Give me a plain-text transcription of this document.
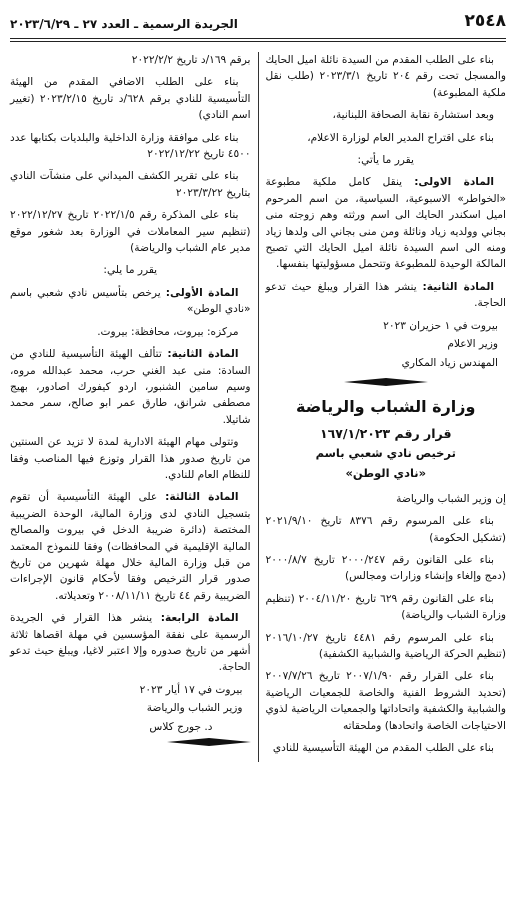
٢٥٤٨
الجريدة الرسمية ـ العدد ٢٧ ـ ٢٠٢٣/٦/٢٩

بناء على الطلب المقدم من السيدة نائلة اميل الحايك والمسجل تحت رقم ٢٠٤ تاريخ ٢٠٢٣/٣/١ (طلب نقل ملكية المطبوعة)

وبعد استشارة نقابة الصحافة اللبنانية،

بناء على اقتراح المدير العام لوزارة الاعلام،

يقرر ما يأتي:

المادة الاولى: ينقل كامل ملكية مطبوعة «الخواطر» الاسبوعية، السياسية، من اسم المرحوم اميل اسكندر الحايك الى اسم ورثته وهم زوجته منى بجاني وولديه زياد ونائلة ومن منى بجاني الى ولدها زياد ومنه الى اسم السيدة نائلة اميل الحايك التي تصبح المالكة الوحيدة للمطبوعة وتتحمل مسؤوليتها بنفسها.

المادة الثانية: ينشر هذا القرار ويبلغ حيث تدعو الحاجة.

بيروت في ١ حزيران ٢٠٢٣

وزير الاعلام

المهندس زياد المكاري

وزارة الشباب والرياضة
قرار رقم ١٦٧/١/٢٠٢٣
ترخيص نادي شعبي باسم
«نادي الوطن»

إن وزير الشباب والرياضة

بناء على المرسوم رقم ٨٣٧٦ تاريخ ٢٠٢١/٩/١٠ (تشكيل الحكومة)

بناء على القانون رقم ٢٠٠٠/٢٤٧ تاريخ ٢٠٠٠/٨/٧ (دمج وإلغاء وإنشاء وزارات ومجالس)

بناء على القانون رقم ٦٢٩ تاريخ ٢٠٠٤/١١/٢٠ (تنظيم وزارة الشباب والرياضة)

بناء على المرسوم رقم ٤٤٨١ تاريخ ٢٠١٦/١٠/٢٧ (تنظيم الحركة الرياضية والشبابية الكشفية)

بناء على القرار رقم ٢٠٠٧/١/٩٠ تاريخ ٢٠٠٧/٧/٢٦ (تحديد الشروط الفنية والخاصة للجمعيات الرياضية والشبابية والكشفية واتحاداتها والجمعيات الرياضية لذوي الاحتياجات الخاصة واتحادها) وملحقاته

بناء على الطلب المقدم من الهيئة التأسيسية للنادي

برقم ١٦٩/د تاريخ ٢٠٢٢/٢/٢

بناء على الطلب الاضافي المقدم من الهيئة التأسيسية للنادي برقم ٦٢٨/د تاريخ ٢٠٢٣/٢/١٥ (تغيير اسم النادي)

بناء على موافقة وزارة الداخلية والبلديات بكتابها عدد ٤٥٠٠ تاريخ ٢٠٢٢/١٢/٢٢

بناء على تقرير الكشف الميداني على منشآت النادي بتاريخ ٢٠٢٣/٣/٢٢

بناء على المذكرة رقم ٢٠٢٢/١/٥ تاريخ ٢٠٢٢/١٢/٢٧ (تنظيم سير المعاملات في الوزارة بعد شغور موقع مدير عام الشباب والرياضة)

يقرر ما يلي:

المادة الأولى: يرخص بتأسيس نادي شعبي باسم «نادي الوطن»

مركزه: بيروت، محافظة: بيروت.

المادة الثانية: تتألف الهيئة التأسيسية للنادي من السادة: منى عبد الغني حرب، محمد عبدالله مروه، وسيم سامين الشنبور، اردو كيفورك اصادور، بهيج مصطفى شرانق، طارق عمر ابو صالح، سمر محمد شاتيلا.

وتتولى مهام الهيئة الادارية لمدة لا تزيد عن السنتين من تاريخ صدور هذا القرار وتوزع فيها المناصب وفقا للنظام العام للنادي.

المادة الثالثة: على الهيئة التأسيسية أن تقوم بتسجيل النادي لدى وزارة المالية، الوحدة الضريبية المختصة (دائرة ضريبة الدخل في بيروت والمصالح المالية الإقليمية في المحافظات) وفقا للنموذج المعتمد من قبل وزارة المالية خلال مهلة شهرين من تاريخ صدور قرار الترخيص وفقا لأحكام قانون الإجراءات الضريبية رقم ٤٤ تاريخ ٢٠٠٨/١١/١١ وتعديلاته.

المادة الرابعة: ينشر هذا القرار في الجريدة الرسمية على نفقة المؤسسين في مهلة اقصاها ثلاثة أشهر من تاريخ صدوره وإلا اعتبر لاغيا، ويبلغ حيث تدعو الحاجة.

بيروت في ١٧ أيار ٢٠٢٣

وزير الشباب والرياضة

د. جورج كلاس
